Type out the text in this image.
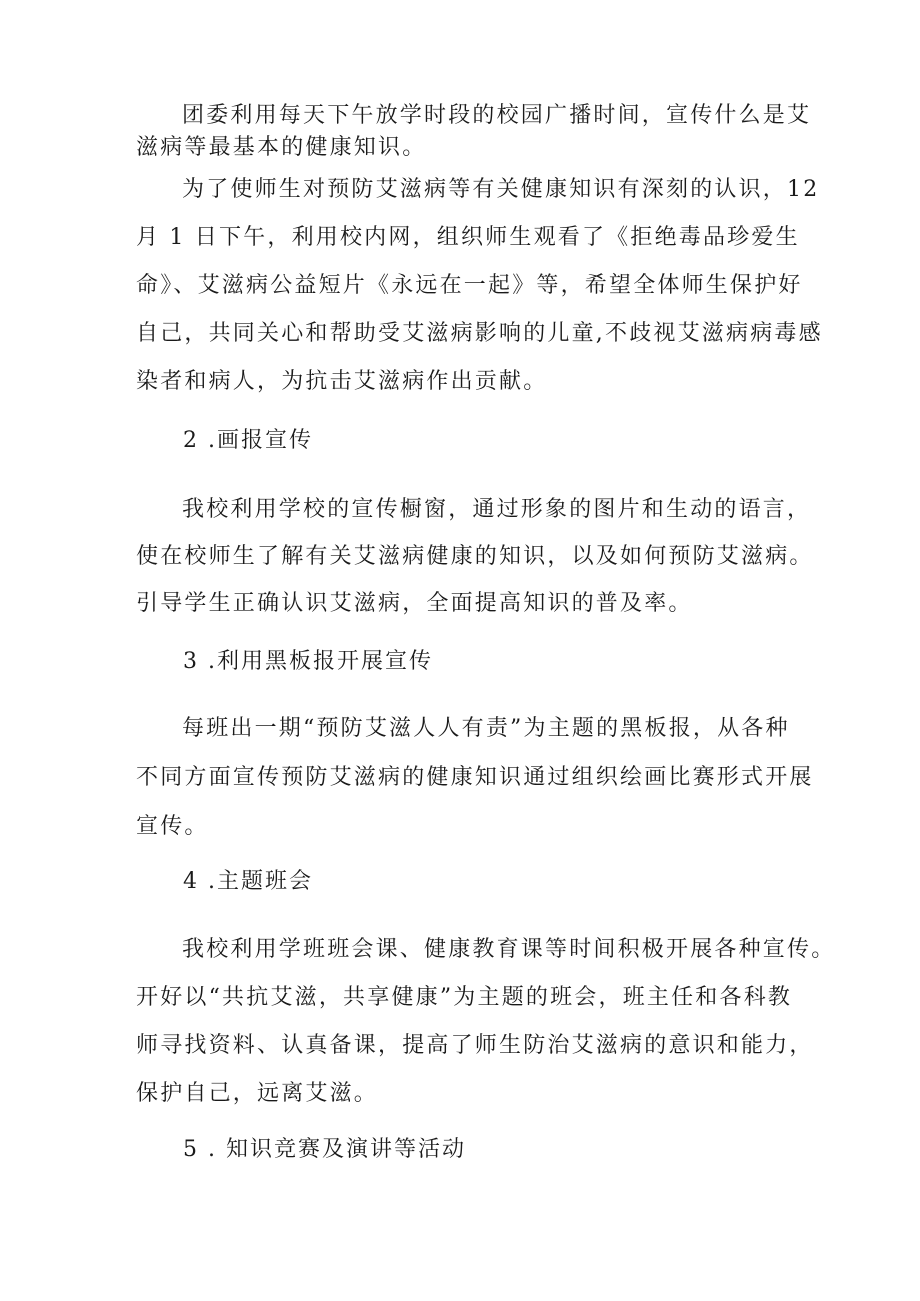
团委利用每天下午放学时段的校园广播时间，宣传什么是艾
滋病等最基本的健康知识。

为了使师生对预防艾滋病等有关健康知识有深刻的认识，12
月 1 日下午，利用校内网，组织师生观看了《拒绝毒品珍爱生
命》、艾滋病公益短片《永远在一起》等，希望全体师生保护好
自己，共同关心和帮助受艾滋病影响的儿童,不歧视艾滋病病毒感
染者和病人，为抗击艾滋病作出贡献。

2 .画报宣传

我校利用学校的宣传橱窗，通过形象的图片和生动的语言，
使在校师生了解有关艾滋病健康的知识，以及如何预防艾滋病。
引导学生正确认识艾滋病，全面提高知识的普及率。

3 .利用黑板报开展宣传

每班出一期“预防艾滋人人有责”为主题的黑板报，从各种
不同方面宣传预防艾滋病的健康知识通过组织绘画比赛形式开展
宣传。

4 .主题班会

我校利用学班班会课、健康教育课等时间积极开展各种宣传。
开好以“共抗艾滋，共享健康”为主题的班会，班主任和各科教
师寻找资料、认真备课，提高了师生防治艾滋病的意识和能力，
保护自己，远离艾滋。

5 . 知识竞赛及演讲等活动
